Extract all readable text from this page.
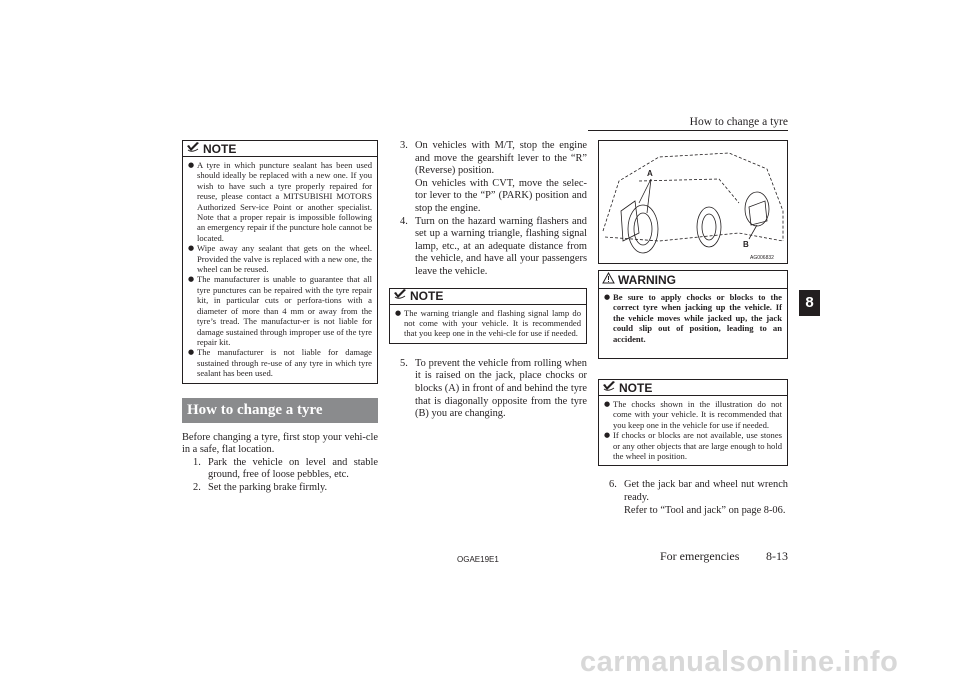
How to change a tyre
NOTE
● A tyre in which puncture sealant has been used should ideally be replaced with a new one. If you wish to have such a tyre properly repaired for reuse, please contact a MITSUBISHI MOTORS Authorized Serv-ice Point or another specialist. Note that a proper repair is impossible following an emergency repair if the puncture hole cannot be located.
● Wipe away any sealant that gets on the wheel. Provided the valve is replaced with a new one, the wheel can be reused.
● The manufacturer is unable to guarantee that all tyre punctures can be repaired with the tyre repair kit, in particular cuts or perfora-tions with a diameter of more than 4 mm or away from the tyre’s tread. The manufactur-er is not liable for damage sustained through improper use of the tyre repair kit.
● The manufacturer is not liable for damage sustained through re-use of any tyre in which tyre sealant has been used.
How to change a tyre

Before changing a tyre, first stop your vehi-cle in a safe, flat location.

1. Park the vehicle on level and stable ground, free of loose pebbles, etc.
2. Set the parking brake firmly.
3. On vehicles with M/T, stop the engine and move the gearshift lever to the “R” (Reverse) position.
On vehicles with CVT, move the selec-tor lever to the “P” (PARK) position and stop the engine.
4. Turn on the hazard warning flashers and set up a warning triangle, flashing signal lamp, etc., at an adequate distance from the vehicle, and have all your passengers leave the vehicle.
NOTE
● The warning triangle and flashing signal lamp do not come with your vehicle. It is recommended that you keep one in the vehi-cle for use if needed.
5. To prevent the vehicle from rolling when it is raised on the jack, place chocks or blocks (A) in front of and behind the tyre that is diagonally opposite from the tyre (B) you are changing.
A
B
AG006832
WARNING
● Be sure to apply chocks or blocks to the correct tyre when jacking up the vehicle. If the vehicle moves while jacked up, the jack could slip out of position, leading to an accident.
NOTE
● The chocks shown in the illustration do not come with your vehicle. It is recommended that you keep one in the vehicle for use if needed.
● If chocks or blocks are not available, use stones or any other objects that are large enough to hold the wheel in position.
6. Get the jack bar and wheel nut wrench ready.
Refer to “Tool and jack” on page 8-06.
8
OGAE19E1	For emergencies 8-13
carmanualsonline.info
